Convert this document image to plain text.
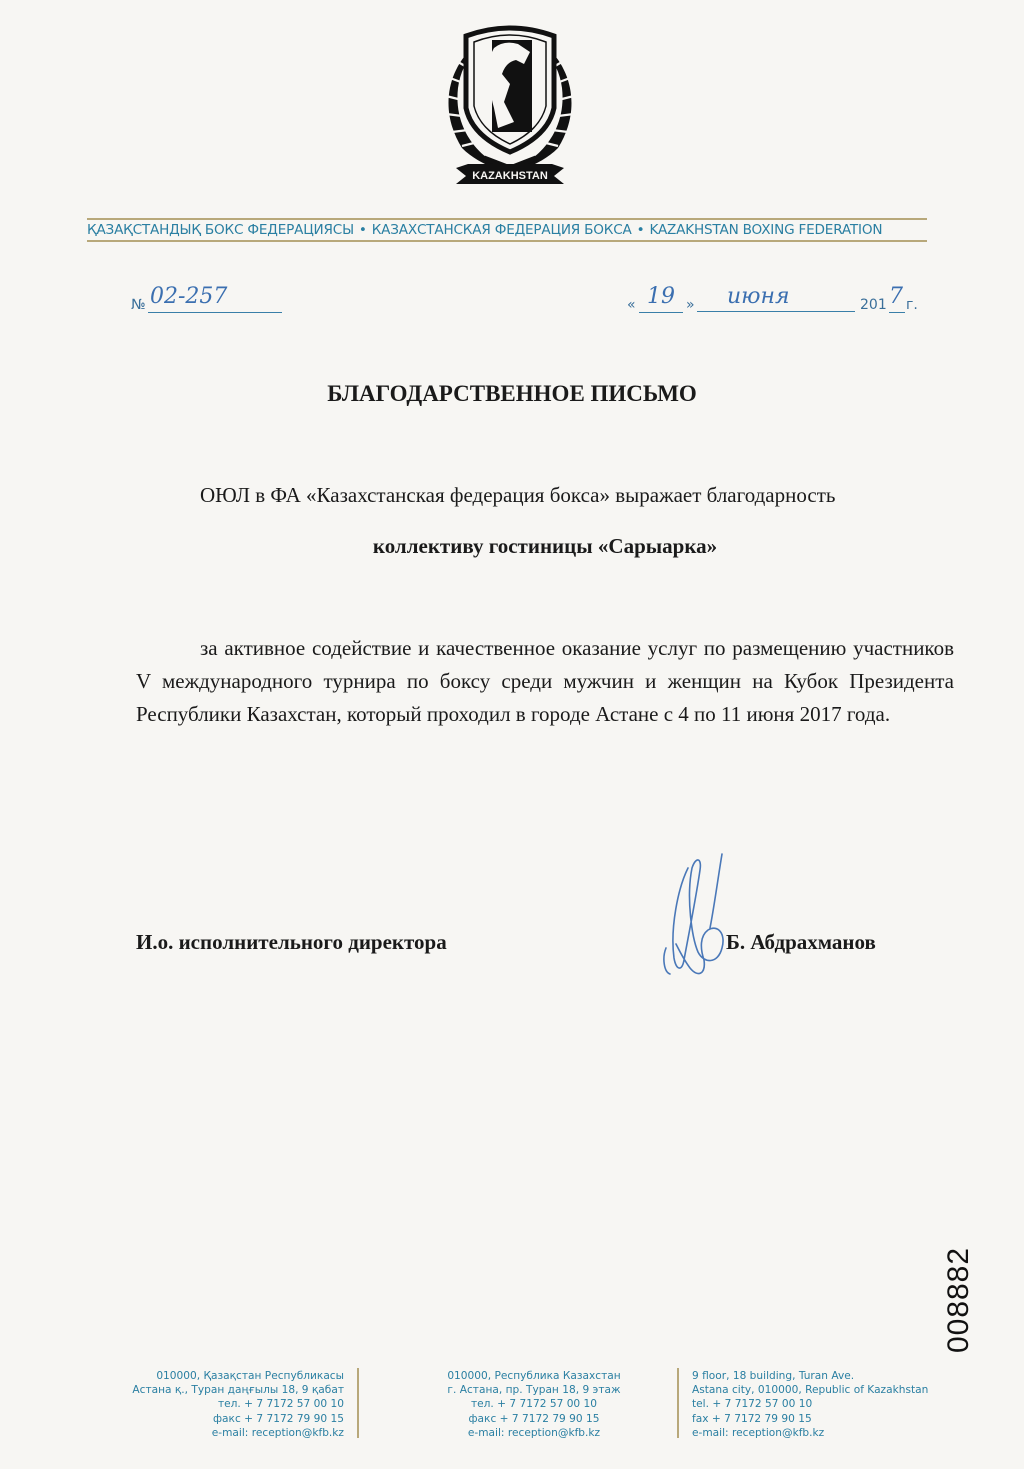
KAZAKHSTAN
ҚАЗАҚСТАНДЫҚ БОКС ФЕДЕРАЦИЯСЫ • КАЗАХСТАНСКАЯ ФЕДЕРАЦИЯ БОКСА • KAZAKHSTAN BOXING FEDERATION
№ 02-257	« 19 »	июня	201 7 г.
БЛАГОДАРСТВЕННОЕ ПИСЬМО
ОЮЛ в ФА «Казахстанская федерация бокса» выражает благодарность
коллективу гостиницы «Сарыарка»
за активное содействие и качественное оказание услуг по размещению участников V международного турнира по боксу среди мужчин и женщин на Кубок Президента Республики Казахстан, который проходил в городе Астане с 4 по 11 июня 2017 года.
И.о. исполнительного директора	Б. Абдрахманов
008882
010000, Қазақстан Республикасы
Астана қ., Туран даңғылы 18, 9 қабат
тел. + 7 7172 57 00 10
факс + 7 7172 79 90 15
e-mail: reception@kfb.kz
010000, Республика Казахстан
г. Астана, пр. Туран 18, 9 этаж
тел. + 7 7172 57 00 10
факс + 7 7172 79 90 15
e-mail: reception@kfb.kz
9 floor, 18 building, Turan Ave.
Astana city, 010000, Republic of Kazakhstan
tel. + 7 7172 57 00 10
fax + 7 7172 79 90 15
e-mail: reception@kfb.kz
